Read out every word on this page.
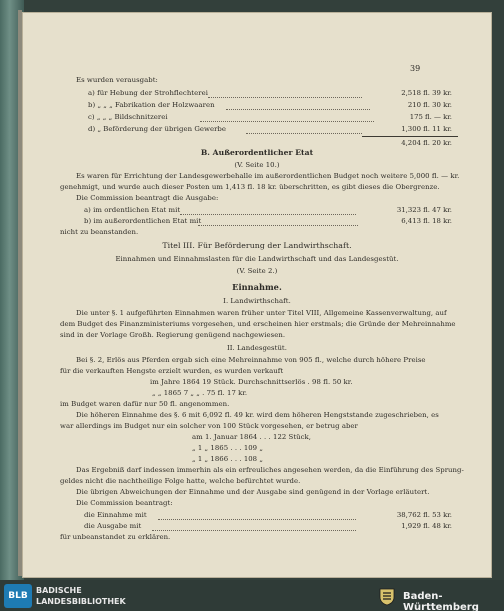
39
Es wurden verausgabt:
a) für Hebung der Strohflechterei	2,518 fl. 39 kr.
b) „ „ „ Fabrikation der Holzwaaren	210 fl. 30 kr.
c) „ „ „ Bildschnitzerei	175 fl. — kr.
d) „ Beförderung der übrigen Gewerbe	1,300 fl. 11 kr.
4,204 fl. 20 kr.
B. Außerordentlicher Etat
(V. Seite 10.)
Es waren für Errichtung der Landesgewerbehalle im außerordentlichen Budget noch weitere 5,000 fl. — kr.
genehmigt, und wurde auch dieser Posten um 1,413 fl. 18 kr. überschritten, es gibt dieses die Obergrenze.
Die Commission beantragt die Ausgabe:
a) im ordentlichen Etat mit	31,323 fl. 47 kr.
b) im außerordentlichen Etat mit	6,413 fl. 18 kr.
nicht zu beanstanden.
Titel III. Für Beförderung der Landwirthschaft.
Einnahmen und Einnahmslasten für die Landwirthschaft und das Landesgestüt.
(V. Seite 2.)
Einnahme.
I. Landwirthschaft.
Die unter §. 1 aufgeführten Einnahmen waren früher unter Titel VIII, Allgemeine Kassenverwaltung, auf
dem Budget des Finanzministeriums vorgesehen, und erscheinen hier erstmals; die Gründe der Mehreinnahme
sind in der Vorlage Großh. Regierung genügend nachgewiesen.
II. Landesgestüt.
Bei §. 2, Erlös aus Pferden ergab sich eine Mehreinnahme von 905 fl., welche durch höhere Preise
für die verkauften Hengste erzielt wurden, es wurden verkauft
im Jahre 1864 19 Stück. Durchschnittserlös . 98 fl. 50 kr.
„ „ 1865 7 „ „ . 75 fl. 17 kr.
im Budget waren dafür nur 50 fl. angenommen.
Die höheren Einnahme des §. 6 mit 6,092 fl. 49 kr. wird dem höheren Hengststande zugeschrieben, es
war allerdings im Budget nur ein solcher von 100 Stück vorgesehen, er betrug aber
am 1. Januar 1864 . . . 122 Stück,
„ 1 „ 1865 . . . 109 „
„ 1 „ 1866 . . . 108 „
Das Ergebniß darf indessen immerhin als ein erfreuliches angesehen werden, da die Einführung des Sprung-
geldes nicht die nachtheilige Folge hatte, welche befürchtet wurde.
Die übrigen Abweichungen der Einnahme und der Ausgabe sind genügend in der Vorlage erläutert.
Die Commission beantragt:
die Einnahme mit	38,762 fl. 53 kr.
die Ausgabe mit	1,929 fl. 48 kr.
für unbeanstandet zu erklären.
BLB
BADISCHE
LANDESBIBLIOTHEK	Baden-Württemberg
